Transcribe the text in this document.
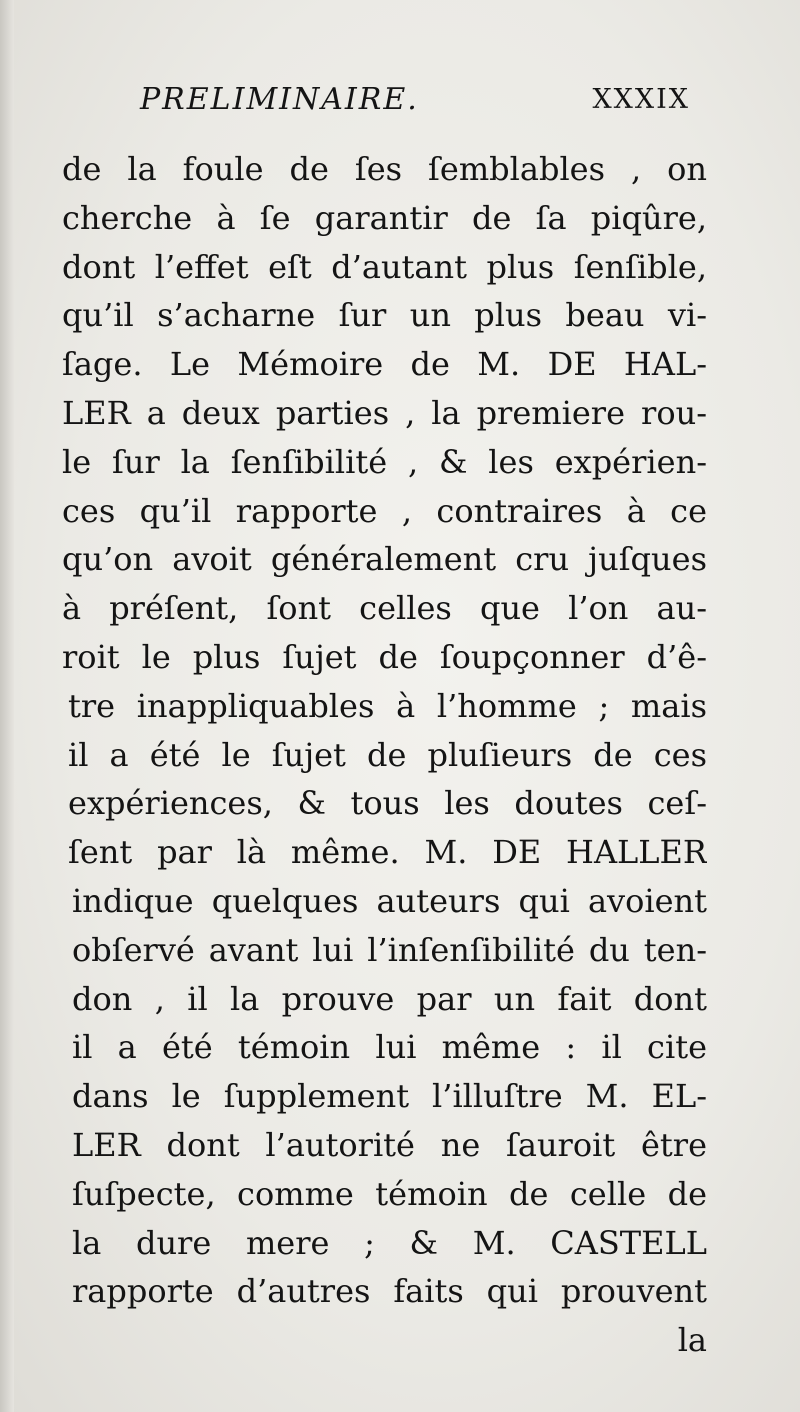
PRELIMINAIRE.	XXXIX
de la foule de ſes ſemblables , on
cherche à ſe garantir de ſa piqûre,
dont l’effet eſt d’autant plus ſenſible,
qu’il s’acharne ſur un plus beau vi-
ſage. Le Mémoire de M. DE HAL-
LER a deux parties , la premiere rou-
le ſur la ſenſibilité , & les expérien-
ces qu’il rapporte , contraires à ce
qu’on avoit généralement cru juſques
à préſent, ſont celles que l’on au-
roit le plus ſujet de ſoupçonner d’ê-
tre inappliquables à l’homme ; mais
il a été le ſujet de pluſieurs de ces
expériences, & tous les doutes ceſ-
ſent par là même. M. DE HALLER
indique quelques auteurs qui avoient
obſervé avant lui l’inſenſibilité du ten-
don , il la prouve par un fait dont
il a été témoin lui même : il cite
dans le ſupplement l’illuſtre M. EL-
LER dont l’autorité ne ſauroit être
ſuſpecte, comme témoin de celle de
la dure mere ; & M. CASTELL
rapporte d’autres faits qui prouvent
la
